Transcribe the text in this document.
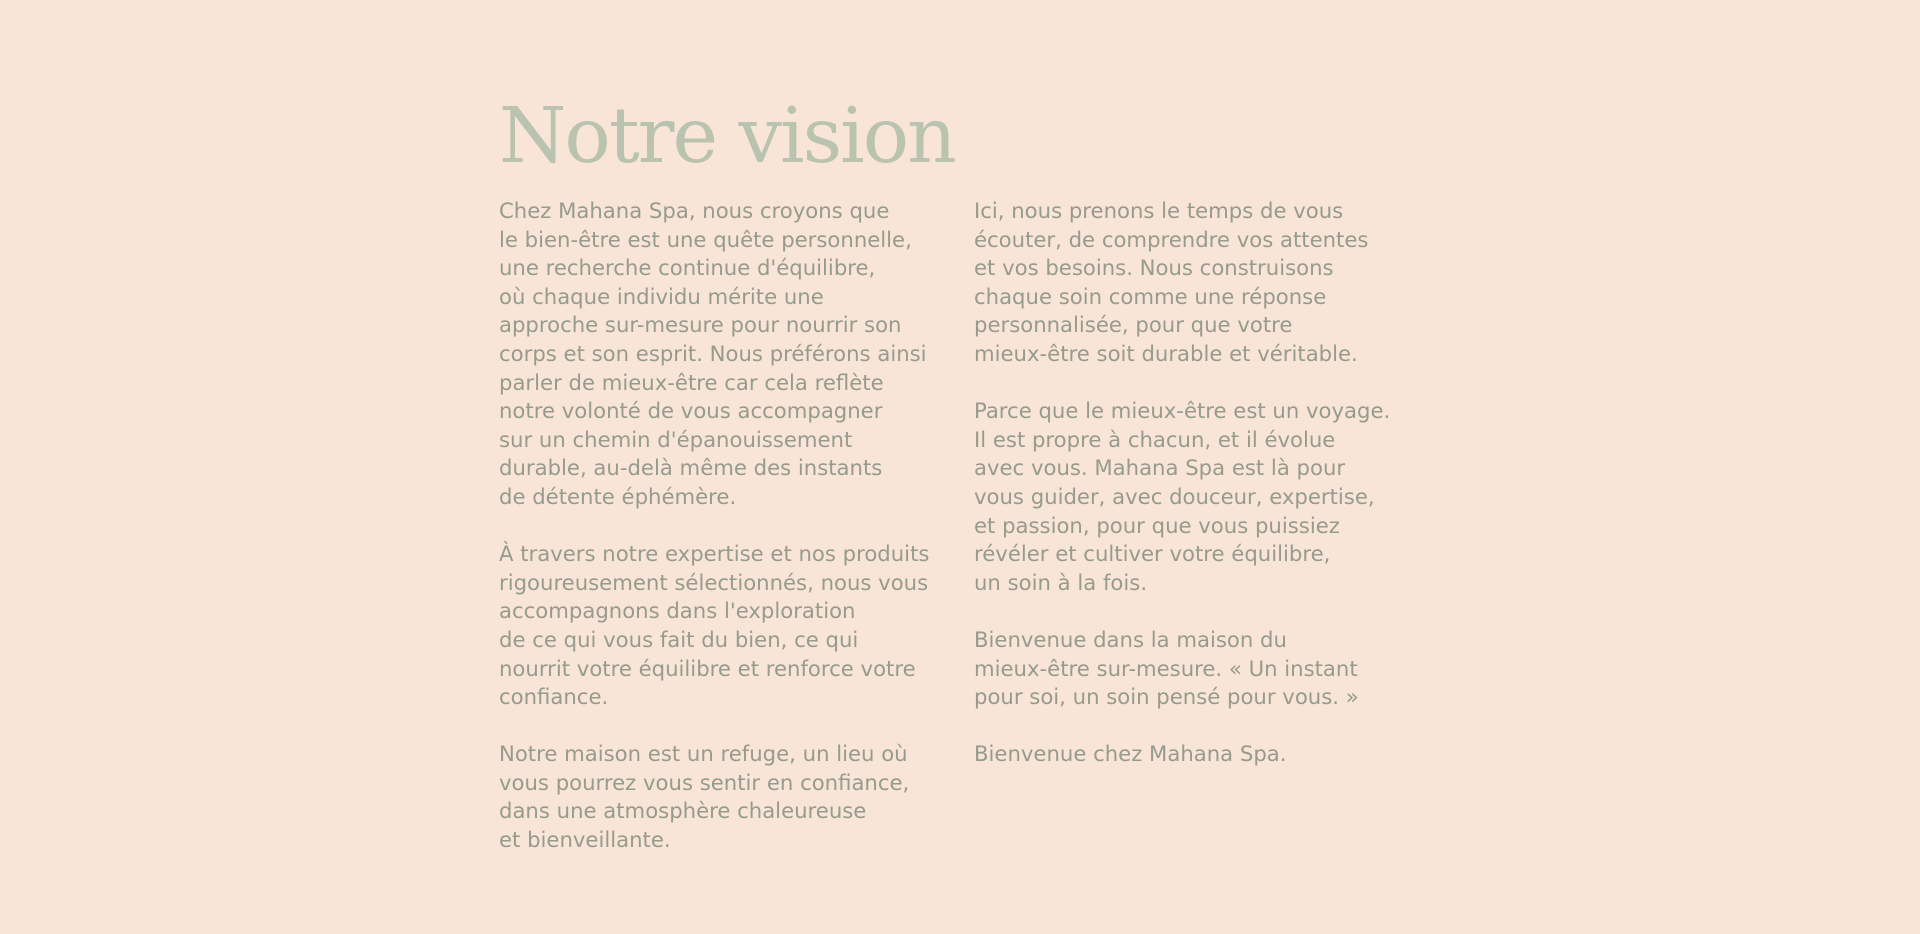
Notre vision

Chez Mahana Spa, nous croyons que
le bien-être est une quête personnelle,
une recherche continue d'équilibre,
où chaque individu mérite une
approche sur-mesure pour nourrir son
corps et son esprit. Nous préférons ainsi
parler de mieux-être car cela reflète
notre volonté de vous accompagner
sur un chemin d'épanouissement
durable, au-delà même des instants
de détente éphémère.

À travers notre expertise et nos produits
rigoureusement sélectionnés, nous vous
accompagnons dans l'exploration
de ce qui vous fait du bien, ce qui
nourrit votre équilibre et renforce votre
confiance.

Notre maison est un refuge, un lieu où
vous pourrez vous sentir en confiance,
dans une atmosphère chaleureuse
et bienveillante.

Ici, nous prenons le temps de vous
écouter, de comprendre vos attentes
et vos besoins. Nous construisons
chaque soin comme une réponse
personnalisée, pour que votre
mieux-être soit durable et véritable.

Parce que le mieux-être est un voyage.
Il est propre à chacun, et il évolue
avec vous. Mahana Spa est là pour
vous guider, avec douceur, expertise,
et passion, pour que vous puissiez
révéler et cultiver votre équilibre,
un soin à la fois.

Bienvenue dans la maison du
mieux-être sur-mesure. « Un instant
pour soi, un soin pensé pour vous. »

Bienvenue chez Mahana Spa.
